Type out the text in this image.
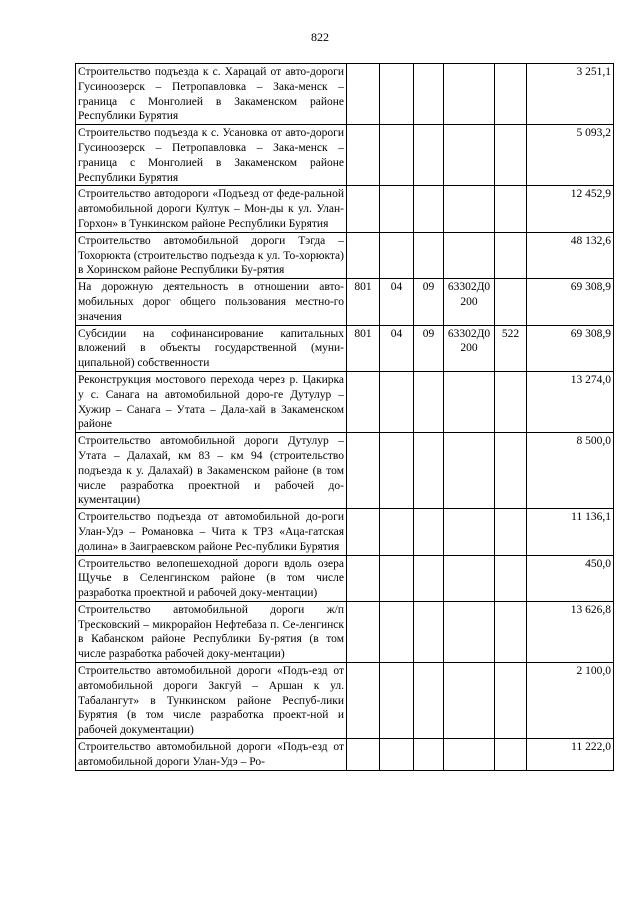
822
Строительство подъезда к с. Харацай от авто-дороги Гусиноозерск – Петропавловка – Зака-менск – граница с Монголией в Закаменском районе Республики Бурятия						3 251,1
Строительство подъезда к с. Усановка от авто-дороги Гусиноозерск – Петропавловка – Зака-менск – граница с Монголией в Закаменском районе Республики Бурятия						5 093,2
Строительство автодороги «Подъезд от феде-ральной автомобильной дороги Култук – Мон-ды к ул. Улан-Горхон» в Тункинском районе Республики Бурятия						12 452,9
Строительство автомобильной дороги Тэгда – Тохорюкта (строительство подъезда к ул. То-хорюкта) в Хоринском районе Республики Бу-рятия						48 132,6
На дорожную деятельность в отношении авто-мобильных дорог общего пользования местно-го значения	801	04	09	63302Д0 200		69 308,9
Субсидии на софинансирование капитальных вложений в объекты государственной (муни-ципальной) собственности	801	04	09	63302Д0 200	522	69 308,9
Реконструкция мостового перехода через р. Цакирка у с. Санага на автомобильной доро-ге Дутулур – Хужир – Санага – Утата – Далa-хай в Закаменском районе						13 274,0
Строительство автомобильной дороги Дутулур – Утата – Далахай, км 83 – км 94 (строительство подъезда к у. Далахай) в Закаменском районе (в том числе разработка проектной и рабочей до-кументации)						8 500,0
Строительство подъезда от автомобильной до-роги Улан-Удэ – Романовка – Чита к ТРЗ «Аца-гатская долина» в Заиграевском районе Рес-публики Бурятия						11 136,1
Строительство велопешеходной дороги вдоль озера Щучье в Селенгинском районе (в том числе разработка проектной и рабочей доку-ментации)						450,0
Строительство автомобильной дороги ж/п Тресковский – микрорайон Нефтебаза п. Се-ленгинск в Кабанском районе Республики Бу-рятия (в том числе разработка рабочей доку-ментации)						13 626,8
Строительство автомобильной дороги «Подъ-езд от автомобильной дороги Закгуй – Аршан к ул. Табалангут» в Тункинском районе Респуб-лики Бурятия (в том числе разработка проект-ной и рабочей документации)						2 100,0
Строительство автомобильной дороги «Подъ-езд от автомобильной дороги Улан-Удэ – Ро-						11 222,0
